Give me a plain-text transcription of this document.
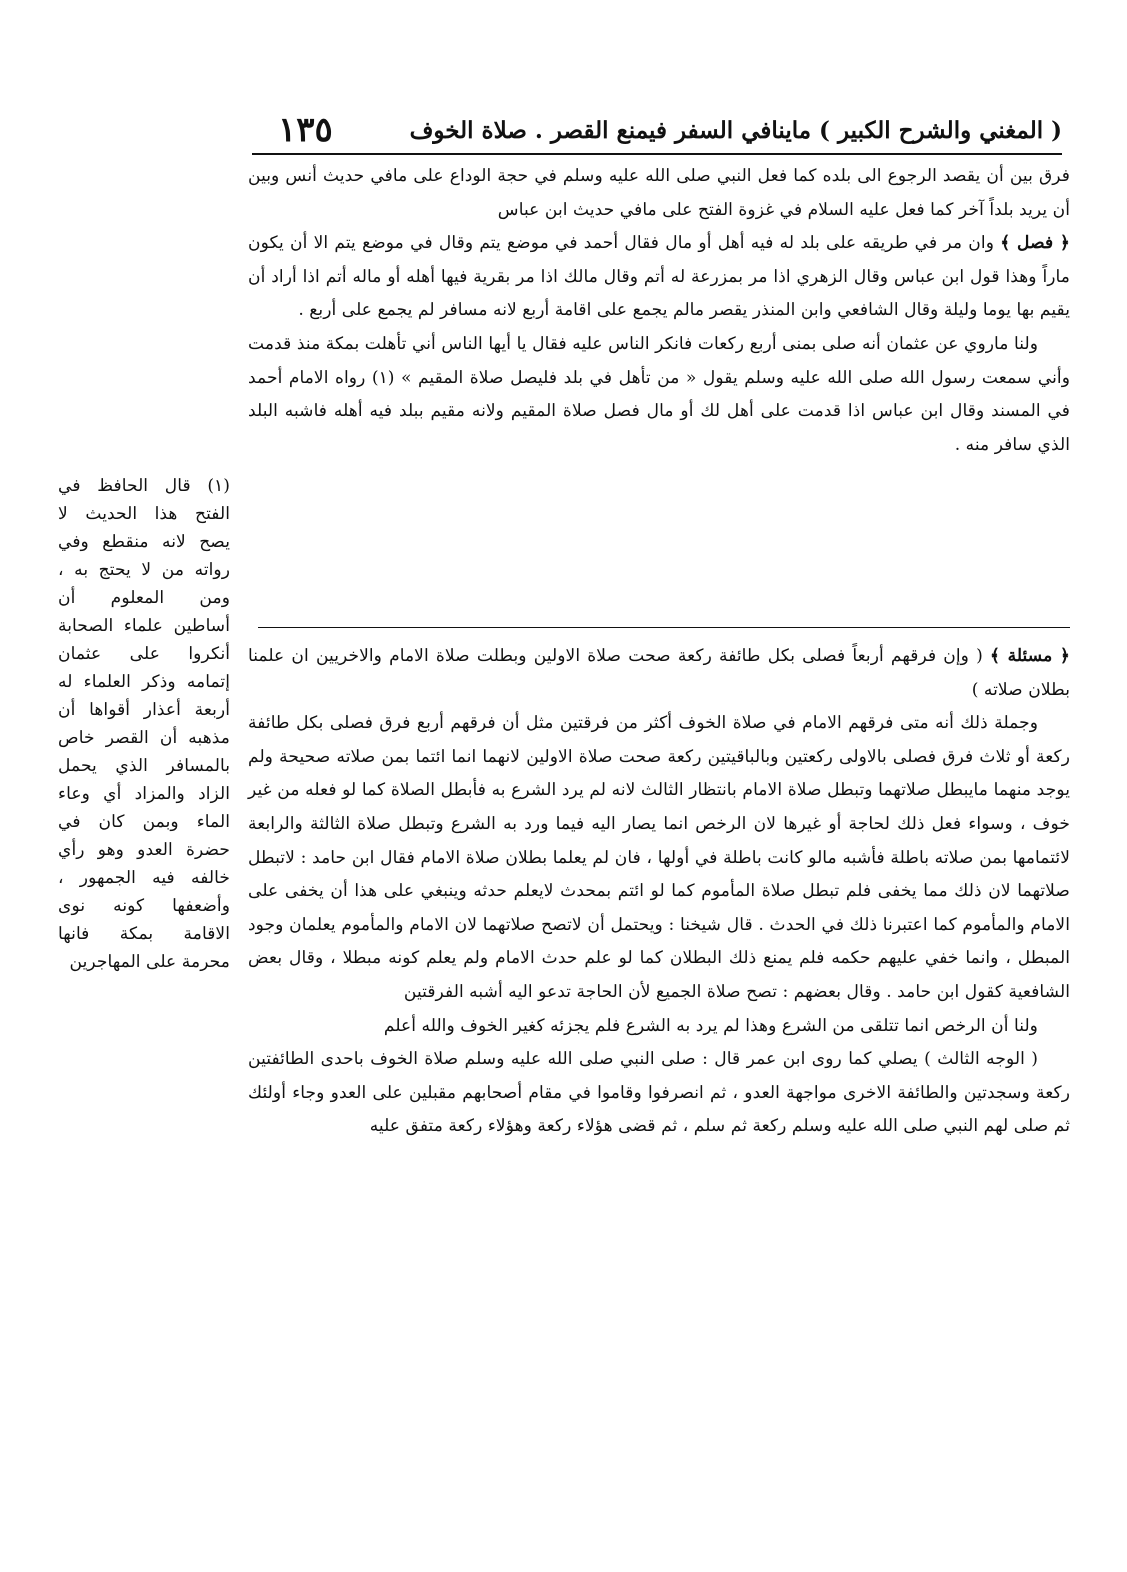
( المغني والشرح الكبير ) ماينافي السفر فيمنع القصر . صلاة الخوف
١٣٥

فرق بين أن يقصد الرجوع الى بلده كما فعل النبي صلى الله عليه وسلم في حجة الوداع على مافي حديث أنس وبين أن يريد بلداً آخر كما فعل عليه السلام في غزوة الفتح على مافي حديث ابن عباس

﴿ فصل ﴾ وان مر في طريقه على بلد له فيه أهل أو مال فقال أحمد في موضع يتم وقال في موضع يتم الا أن يكون ماراً وهذا قول ابن عباس وقال الزهري اذا مر بمزرعة له أتم وقال مالك اذا مر بقرية فيها أهله أو ماله أتم اذا أراد أن يقيم بها يوما وليلة وقال الشافعي وابن المنذر يقصر مالم يجمع على اقامة أربع لانه مسافر لم يجمع على أربع .

ولنا ماروي عن عثمان أنه صلى بمنى أربع ركعات فانكر الناس عليه فقال يا أيها الناس أني تأهلت بمكة منذ قدمت وأني سمعت رسول الله صلى الله عليه وسلم يقول « من تأهل في بلد فليصل صلاة المقيم » (١) رواه الامام أحمد في المسند وقال ابن عباس اذا قدمت على أهل لك أو مال فصل صلاة المقيم ولانه مقيم ببلد فيه أهله فاشبه البلد الذي سافر منه .

﴿ مسئلة ﴾ ( وإن فرقهم أربعاً فصلى بكل طائفة ركعة صحت صلاة الاولين وبطلت صلاة الامام والاخريين ان علمنا بطلان صلاته )

وجملة ذلك أنه متى فرقهم الامام في صلاة الخوف أكثر من فرقتين مثل أن فرقهم أربع فرق فصلى بكل طائفة ركعة أو ثلاث فرق فصلى بالاولى ركعتين وبالباقيتين ركعة صحت صلاة الاولين لانهما انما ائتما بمن صلاته صحيحة ولم يوجد منهما مايبطل صلاتهما وتبطل صلاة الامام بانتظار الثالث لانه لم يرد الشرع به فأبطل الصلاة كما لو فعله من غير خوف ، وسواء فعل ذلك لحاجة أو غيرها لان الرخص انما يصار اليه فيما ورد به الشرع وتبطل صلاة الثالثة والرابعة لائتمامها بمن صلاته باطلة فأشبه مالو كانت باطلة في أولها ، فان لم يعلما بطلان صلاة الامام فقال ابن حامد : لاتبطل صلاتهما لان ذلك مما يخفى فلم تبطل صلاة المأموم كما لو ائتم بمحدث لايعلم حدثه وينبغي على هذا أن يخفى على الامام والمأموم كما اعتبرنا ذلك في الحدث . قال شيخنا : ويحتمل أن لاتصح صلاتهما لان الامام والمأموم يعلمان وجود المبطل ، وانما خفي عليهم حكمه فلم يمنع ذلك البطلان كما لو علم حدث الامام ولم يعلم كونه مبطلا ، وقال بعض الشافعية كقول ابن حامد . وقال بعضهم : تصح صلاة الجميع لأن الحاجة تدعو اليه أشبه الفرقتين

ولنا أن الرخص انما تتلقى من الشرع وهذا لم يرد به الشرع فلم يجزئه كغير الخوف والله أعلم

( الوجه الثالث ) يصلي كما روى ابن عمر قال : صلى النبي صلى الله عليه وسلم صلاة الخوف باحدى الطائفتين ركعة وسجدتين والطائفة الاخرى مواجهة العدو ، ثم انصرفوا وقاموا في مقام أصحابهم مقبلين على العدو وجاء أولئك ثم صلى لهم النبي صلى الله عليه وسلم ركعة ثم سلم ، ثم قضى هؤلاء ركعة وهؤلاء ركعة متفق عليه

(١) قال الحافظ في الفتح هذا الحديث لا يصح لانه منقطع وفي رواته من لا يحتج به ، ومن المعلوم أن أساطين علماء الصحابة أنكروا على عثمان إتمامه وذكر العلماء له أربعة أعذار أقواها أن مذهبه أن القصر خاص بالمسافر الذي يحمل الزاد والمزاد أي وعاء الماء وبمن كان في حضرة العدو وهو رأي خالفه فيه الجمهور ، وأضعفها كونه نوى الاقامة بمكة فانها محرمة على المهاجرين
